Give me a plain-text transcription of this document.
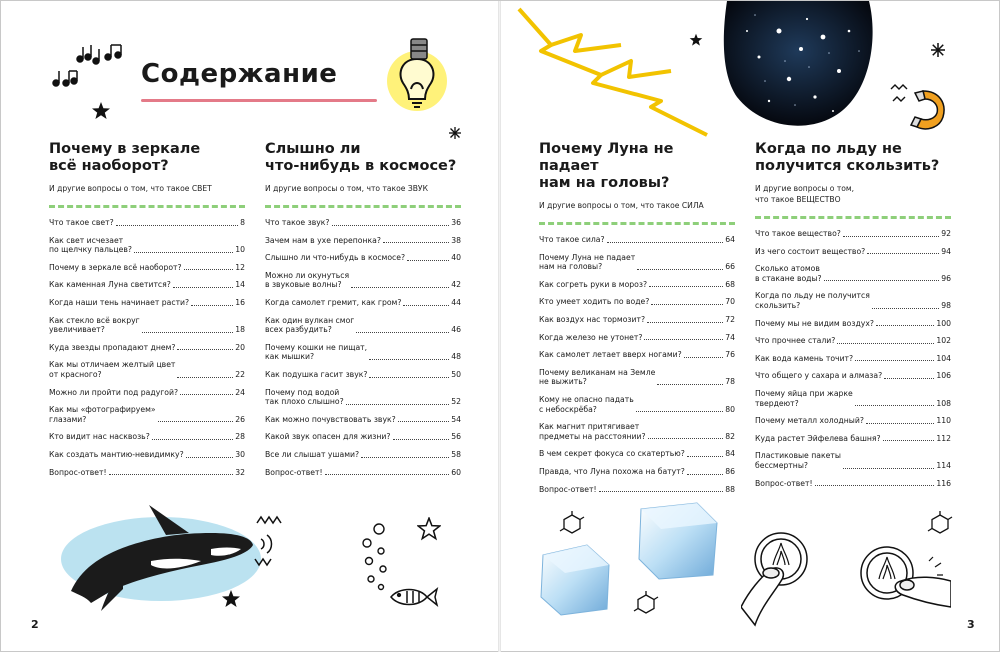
Содержание
Почему в зеркале
всё наоборот?
И другие вопросы о том, что такое СВЕТ
Что такое свет?	8
Как свет исчезает
по щелчку пальцев?	10
Почему в зеркале всё наоборот?	12
Как каменная Луна светится?	14
Когда наши тень начинает расти?	16
Как стекло всё вокруг
увеличивает?	18
Куда звезды пропадают днем?	20
Как мы отличаем желтый цвет
от красного?	22
Можно ли пройти под радугой?	24
Как мы «фотографируем»
глазами?	26
Кто видит нас насквозь?	28
Как создать мантию-невидимку?	30
Вопрос-ответ!	32
Слышно ли
что-нибудь в космосе?
И другие вопросы о том, что такое ЗВУК
Что такое звук?	36
Зачем нам в ухе перепонка?	38
Слышно ли что-нибудь в космосе?	40
Можно ли окунуться
в звуковые волны?	42
Когда самолет гремит, как гром?	44
Как один вулкан смог
всех разбудить?	46
Почему кошки не пищат,
как мышки?	48
Как подушка гасит звук?	50
Почему под водой
так плохо слышно?	52
Как можно почувствовать звук?	54
Какой звук опасен для жизни?	56
Все ли слышат ушами?	58
Вопрос-ответ!	60
2
Почему Луна не падает
нам на головы?
И другие вопросы о том, что такое СИЛА
Что такое сила?	64
Почему Луна не падает
нам на головы?	66
Как согреть руки в мороз?	68
Кто умеет ходить по воде?	70
Как воздух нас тормозит?	72
Когда железо не утонет?	74
Как самолет летает вверх ногами?	76
Почему великанам на Земле
не выжить?	78
Кому не опасно падать
с небоскрёба?	80
Как магнит притягивает
предметы на расстоянии?	82
В чем секрет фокуса со скатертью?	84
Правда, что Луна похожа на батут?	86
Вопрос-ответ!	88
Когда по льду не
получится скользить?
И другие вопросы о том,
что такое ВЕЩЕСТВО
Что такое вещество?	92
Из чего состоит вещество?	94
Сколько атомов
в стакане воды?	96
Когда по льду не получится
скользить?	98
Почему мы не видим воздух?	100
Что прочнее стали?	102
Как вода камень точит?	104
Что общего у сахара и алмаза?	106
Почему яйца при жарке
твердеют?	108
Почему металл холодный?	110
Куда растет Эйфелева башня?	112
Пластиковые пакеты
бессмертны?	114
Вопрос-ответ!	116
3
